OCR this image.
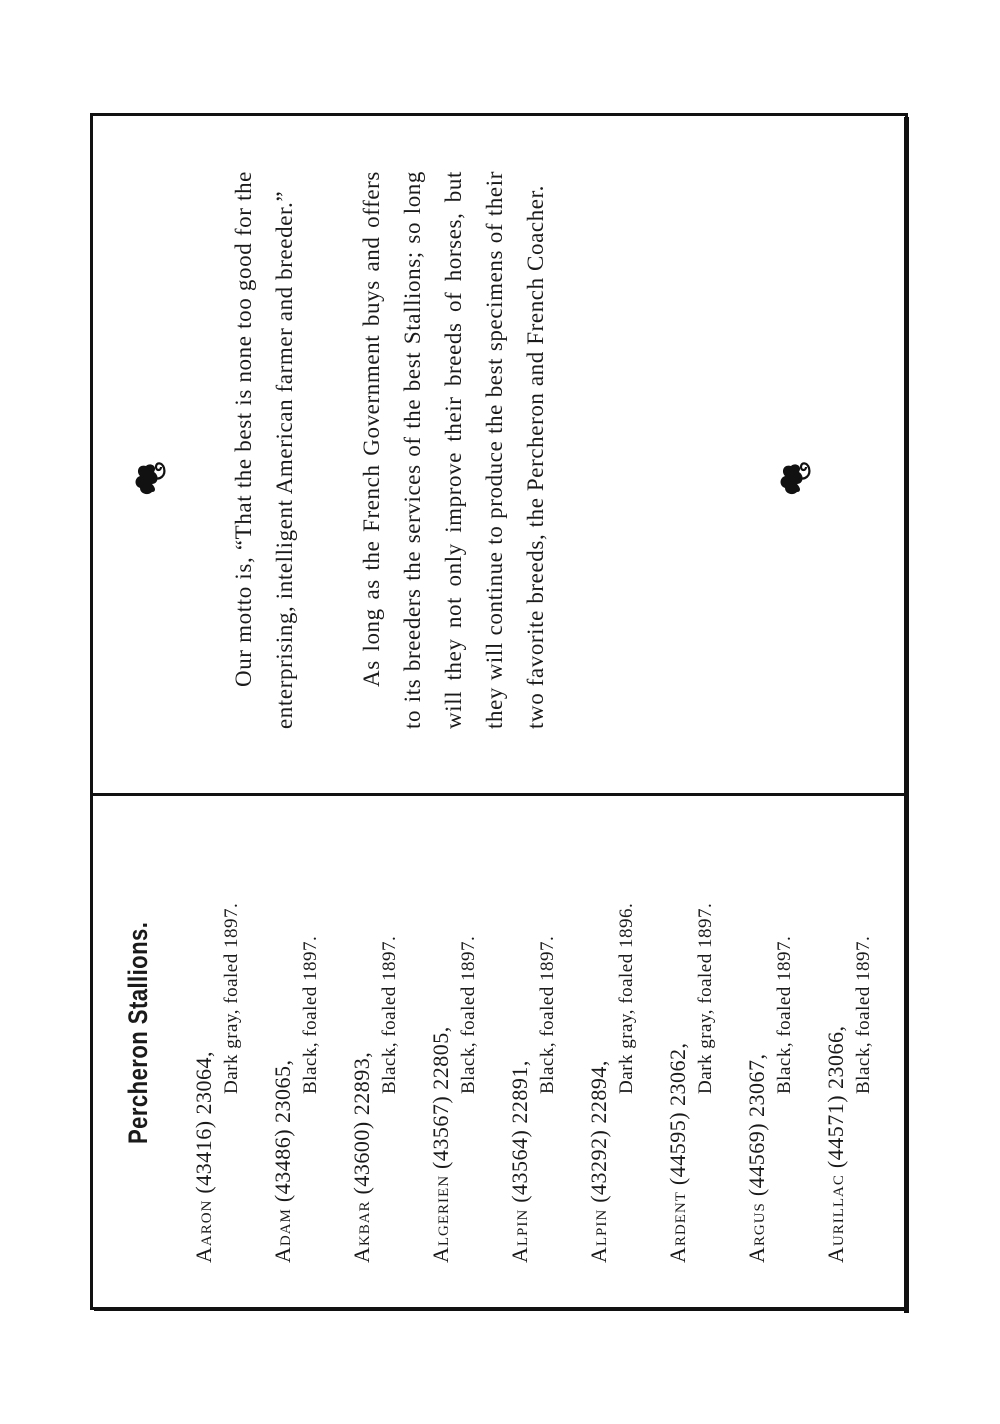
Percheron Stallions.
Aaron (43416) 23064,
Dark gray, foaled 1897.
Adam (43486) 23065,
Black, foaled 1897.
Akbar (43600) 22893,
Black, foaled 1897.
Algerien (43567) 22805,
Black, foaled 1897.
Alpin (43564) 22891,
Black, foaled 1897.
Alpin (43292) 22894,
Dark gray, foaled 1896.
Ardent (44595) 23062,
Dark gray, foaled 1897.
Argus (44569) 23067,
Black, foaled 1897.
Aurillac (44571) 23066,
Black, foaled 1897.

Our motto is, “That the best is none too good for the enterprising, intelligent American farmer and breeder.”	As long as the French Government buys and offers to its breeders the services of the best Stallions; so long will they not only improve their breeds of horses, but they will continue to produce the best specimens of their two favorite breeds, the Percheron and French Coacher.
